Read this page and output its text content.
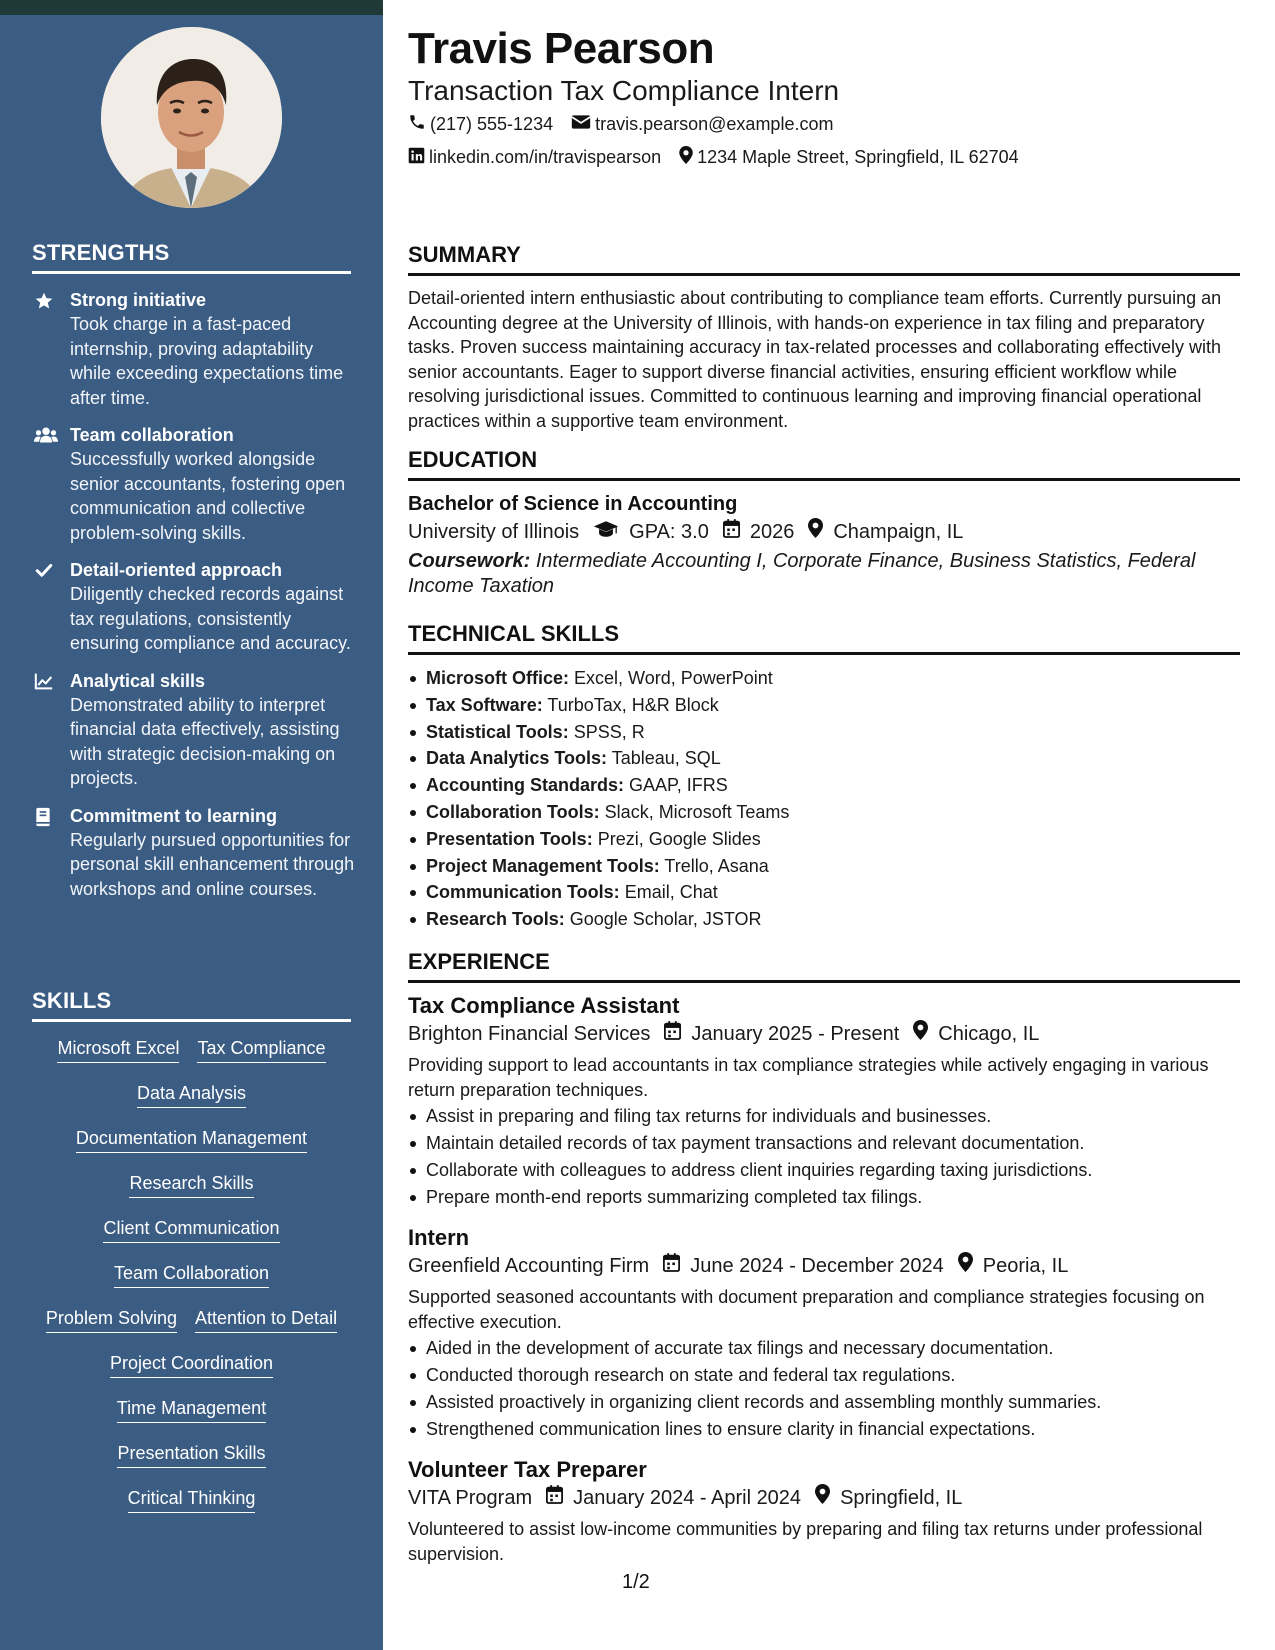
STRENGTHS
Strong initiative
Took charge in a fast-paced internship, proving adaptability while exceeding expectations time after time.
Team collaboration
Successfully worked alongside senior accountants, fostering open communication and collective problem-solving skills.
Detail-oriented approach
Diligently checked records against tax regulations, consistently ensuring compliance and accuracy.
Analytical skills
Demonstrated ability to interpret financial data effectively, assisting with strategic decision-making on projects.
Commitment to learning
Regularly pursued opportunities for personal skill enhancement through workshops and online courses.
SKILLS
Microsoft Excel Tax Compliance
Data Analysis
Documentation Management
Research Skills
Client Communication
Team Collaboration
Problem Solving Attention to Detail
Project Coordination
Time Management
Presentation Skills
Critical Thinking
Travis Pearson
Transaction Tax Compliance Intern
(217) 555-1234 travis.pearson@example.com
linkedin.com/in/travispearson 1234 Maple Street, Springfield, IL 62704
SUMMARY
Detail-oriented intern enthusiastic about contributing to compliance team efforts. Currently pursuing an Accounting degree at the University of Illinois, with hands-on experience in tax filing and preparatory tasks. Proven success maintaining accuracy in tax-related processes and collaborating effectively with senior accountants. Eager to support diverse financial activities, ensuring efficient workflow while resolving jurisdictional issues. Committed to continuous learning and improving financial operational practices within a supportive team environment.
EDUCATION
Bachelor of Science in Accounting
University of Illinois	GPA: 3.0 2026 Champaign, IL
Coursework: Intermediate Accounting I, Corporate Finance, Business Statistics, Federal Income Taxation
TECHNICAL SKILLS
Microsoft Office: Excel, Word, PowerPoint
Tax Software: TurboTax, H&R Block
Statistical Tools: SPSS, R
Data Analytics Tools: Tableau, SQL
Accounting Standards: GAAP, IFRS
Collaboration Tools: Slack, Microsoft Teams
Presentation Tools: Prezi, Google Slides
Project Management Tools: Trello, Asana
Communication Tools: Email, Chat
Research Tools: Google Scholar, JSTOR
EXPERIENCE
Tax Compliance Assistant
Brighton Financial Services January 2025 - Present Chicago, IL
Providing support to lead accountants in tax compliance strategies while actively engaging in various return preparation techniques.
Assist in preparing and filing tax returns for individuals and businesses.
Maintain detailed records of tax payment transactions and relevant documentation.
Collaborate with colleagues to address client inquiries regarding taxing jurisdictions.
Prepare month-end reports summarizing completed tax filings.
Intern
Greenfield Accounting Firm June 2024 - December 2024 Peoria, IL
Supported seasoned accountants with document preparation and compliance strategies focusing on effective execution.
Aided in the development of accurate tax filings and necessary documentation.
Conducted thorough research on state and federal tax regulations.
Assisted proactively in organizing client records and assembling monthly summaries.
Strengthened communication lines to ensure clarity in financial expectations.
Volunteer Tax Preparer
VITA Program January 2024 - April 2024 Springfield, IL
Volunteered to assist low-income communities by preparing and filing tax returns under professional supervision.
1/2
